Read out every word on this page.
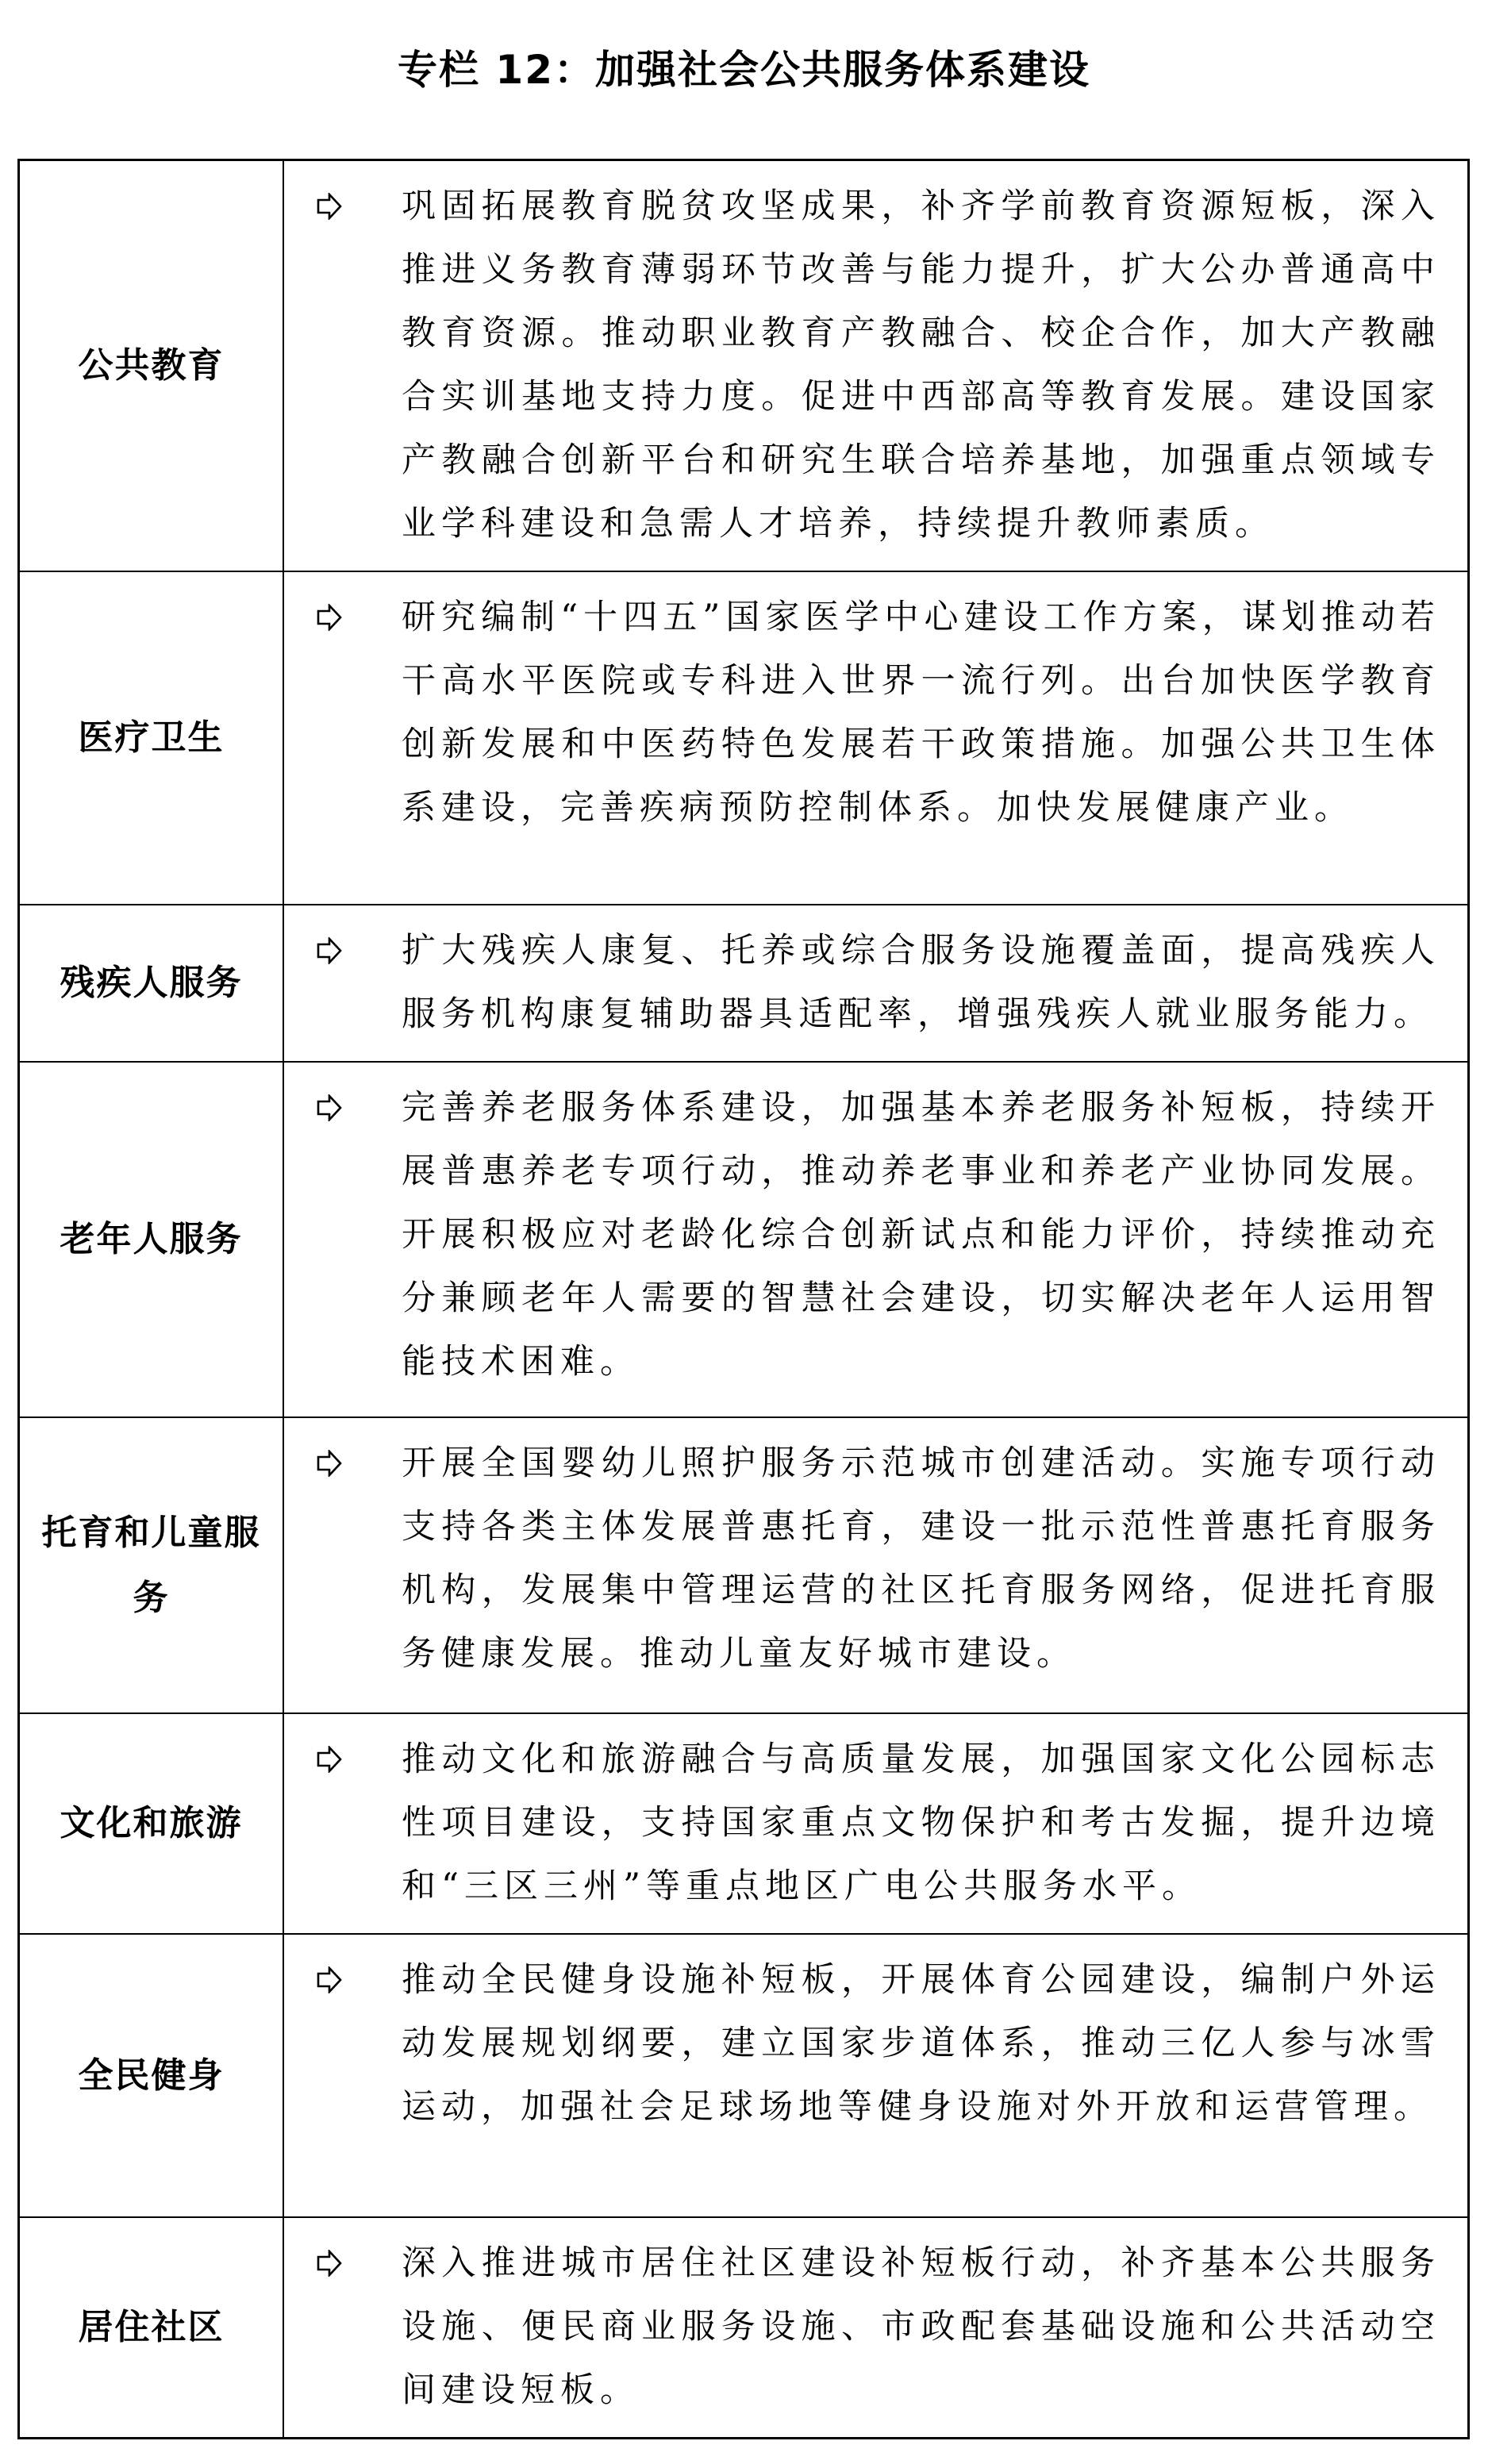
专栏 12：加强社会公共服务体系建设
公共教育	巩固拓展教育脱贫攻坚成果，补齐学前教育资源短板，深入推进义务教育薄弱环节改善与能力提升，扩大公办普通高中教育资源。推动职业教育产教融合、校企合作，加大产教融合实训基地支持力度。促进中西部高等教育发展。建设国家产教融合创新平台和研究生联合培养基地，加强重点领域专业学科建设和急需人才培养，持续提升教师素质。

医疗卫生	研究编制“十四五”国家医学中心建设工作方案，谋划推动若干高水平医院或专科进入世界一流行列。出台加快医学教育创新发展和中医药特色发展若干政策措施。加强公共卫生体系建设，完善疾病预防控制体系。加快发展健康产业。

残疾人服务	扩大残疾人康复、托养或综合服务设施覆盖面，提高残疾人服务机构康复辅助器具适配率，增强残疾人就业服务能力。

老年人服务	完善养老服务体系建设，加强基本养老服务补短板，持续开展普惠养老专项行动，推动养老事业和养老产业协同发展。开展积极应对老龄化综合创新试点和能力评价，持续推动充分兼顾老年人需要的智慧社会建设，切实解决老年人运用智能技术困难。

托育和儿童服务	开展全国婴幼儿照护服务示范城市创建活动。实施专项行动支持各类主体发展普惠托育，建设一批示范性普惠托育服务机构，发展集中管理运营的社区托育服务网络，促进托育服务健康发展。推动儿童友好城市建设。

文化和旅游	推动文化和旅游融合与高质量发展，加强国家文化公园标志性项目建设，支持国家重点文物保护和考古发掘，提升边境和“三区三州”等重点地区广电公共服务水平。

全民健身	推动全民健身设施补短板，开展体育公园建设，编制户外运动发展规划纲要，建立国家步道体系，推动三亿人参与冰雪运动，加强社会足球场地等健身设施对外开放和运营管理。

居住社区	深入推进城市居住社区建设补短板行动，补齐基本公共服务设施、便民商业服务设施、市政配套基础设施和公共活动空间建设短板。
